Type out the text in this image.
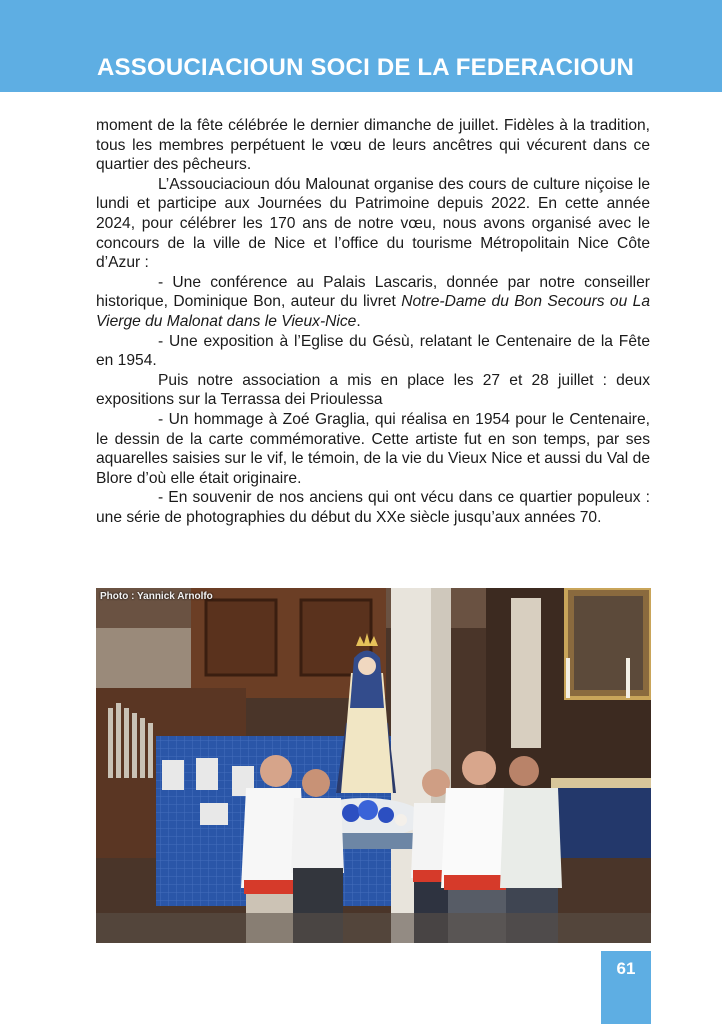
ASSOUCIACIOUN SOCI DE LA FEDERACIOUN

moment de la fête célébrée le dernier dimanche de juillet. Fidèles à la tradition, tous les membres perpétuent le vœu de leurs ancêtres qui vécurent dans ce quartier des pêcheurs.

L’Assouciacioun dóu Malounat organise des cours de culture niçoise le lundi et participe aux Journées du Patrimoine depuis 2022. En cette année 2024, pour célébrer les 170 ans de notre vœu, nous avons organisé avec le concours de la ville de Nice et l’office du tourisme Métropolitain Nice Côte d’Azur :

- Une conférence au Palais Lascaris, donnée par notre conseiller historique, Dominique Bon, auteur du livret Notre-Dame du Bon Secours ou La Vierge du Malonat dans le Vieux-Nice.

- Une exposition à l’Eglise du Gésù, relatant le Centenaire de la Fête en 1954.

Puis notre association a mis en place les 27 et 28 juillet : deux expositions sur la Terrassa dei Prioulessa

- Un hommage à Zoé Graglia, qui réalisa en 1954 pour le Centenaire, le dessin de la carte commémorative. Cette artiste fut en son temps, par ses aquarelles saisies sur le vif, le témoin, de la vie du Vieux Nice et aussi du Val de Blore d’où elle était originaire.

- En souvenir de nos anciens qui ont vécu dans ce quartier populeux : une série de photographies du début du XXe siècle jusqu’aux années 70.

Photo : Yannick Arnolfo
61
